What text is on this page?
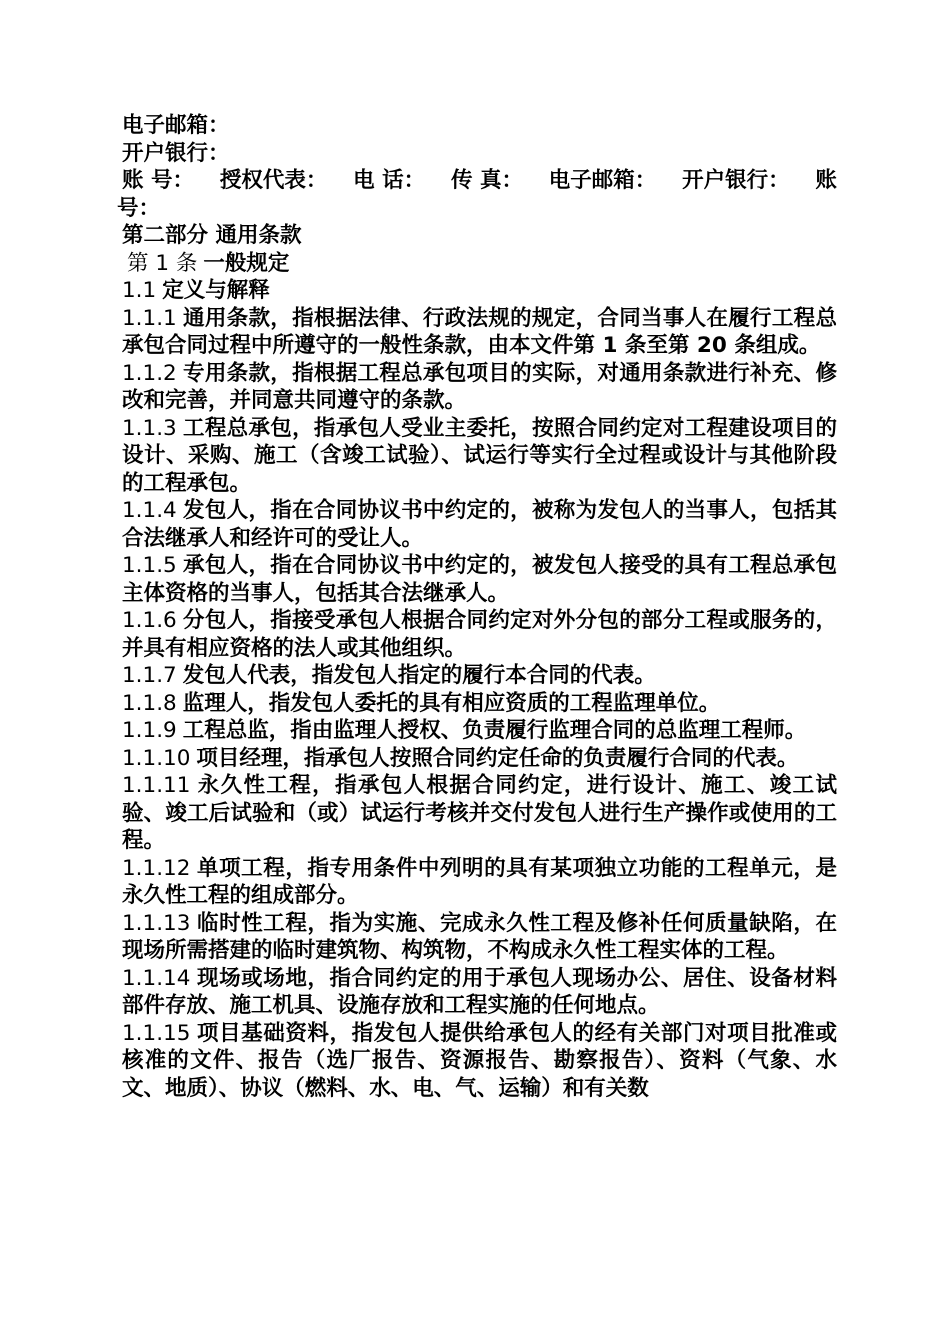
电子邮箱：

开户银行：

账 号： 授权代表： 电 话： 传 真： 电子邮箱： 开户银行： 账

号：

第二部分 通用条款

第 1 条 一般规定

1.1 定义与解释

1.1.1 通用条款，指根据法律、行政法规的规定，合同当事人在履行工程总承包合同过程中所遵守的一般性条款，由本文件第 1 条至第 20 条组成。

1.1.2 专用条款，指根据工程总承包项目的实际，对通用条款进行补充、修改和完善，并同意共同遵守的条款。

1.1.3 工程总承包，指承包人受业主委托，按照合同约定对工程建设项目的设计、采购、施工（含竣工试验）、试运行等实行全过程或设计与其他阶段的工程承包。

1.1.4 发包人，指在合同协议书中约定的，被称为发包人的当事人，包括其合法继承人和经许可的受让人。

1.1.5 承包人，指在合同协议书中约定的，被发包人接受的具有工程总承包主体资格的当事人，包括其合法继承人。

1.1.6 分包人，指接受承包人根据合同约定对外分包的部分工程或服务的，并具有相应资格的法人或其他组织。

1.1.7 发包人代表，指发包人指定的履行本合同的代表。

1.1.8 监理人，指发包人委托的具有相应资质的工程监理单位。

1.1.9 工程总监，指由监理人授权、负责履行监理合同的总监理工程师。

1.1.10 项目经理，指承包人按照合同约定任命的负责履行合同的代表。

1.1.11 永久性工程，指承包人根据合同约定，进行设计、施工、竣工试验、竣工后试验和（或）试运行考核并交付发包人进行生产操作或使用的工程。

1.1.12 单项工程，指专用条件中列明的具有某项独立功能的工程单元，是永久性工程的组成部分。

1.1.13 临时性工程，指为实施、完成永久性工程及修补任何质量缺陷，在现场所需搭建的临时建筑物、构筑物，不构成永久性工程实体的工程。

1.1.14 现场或场地，指合同约定的用于承包人现场办公、居住、设备材料部件存放、施工机具、设施存放和工程实施的任何地点。

1.1.15 项目基础资料，指发包人提供给承包人的经有关部门对项目批准或核准的文件、报告（选厂报告、资源报告、勘察报告）、资料（气象、水文、地质）、协议（燃料、水、电、气、运输）和有关数
